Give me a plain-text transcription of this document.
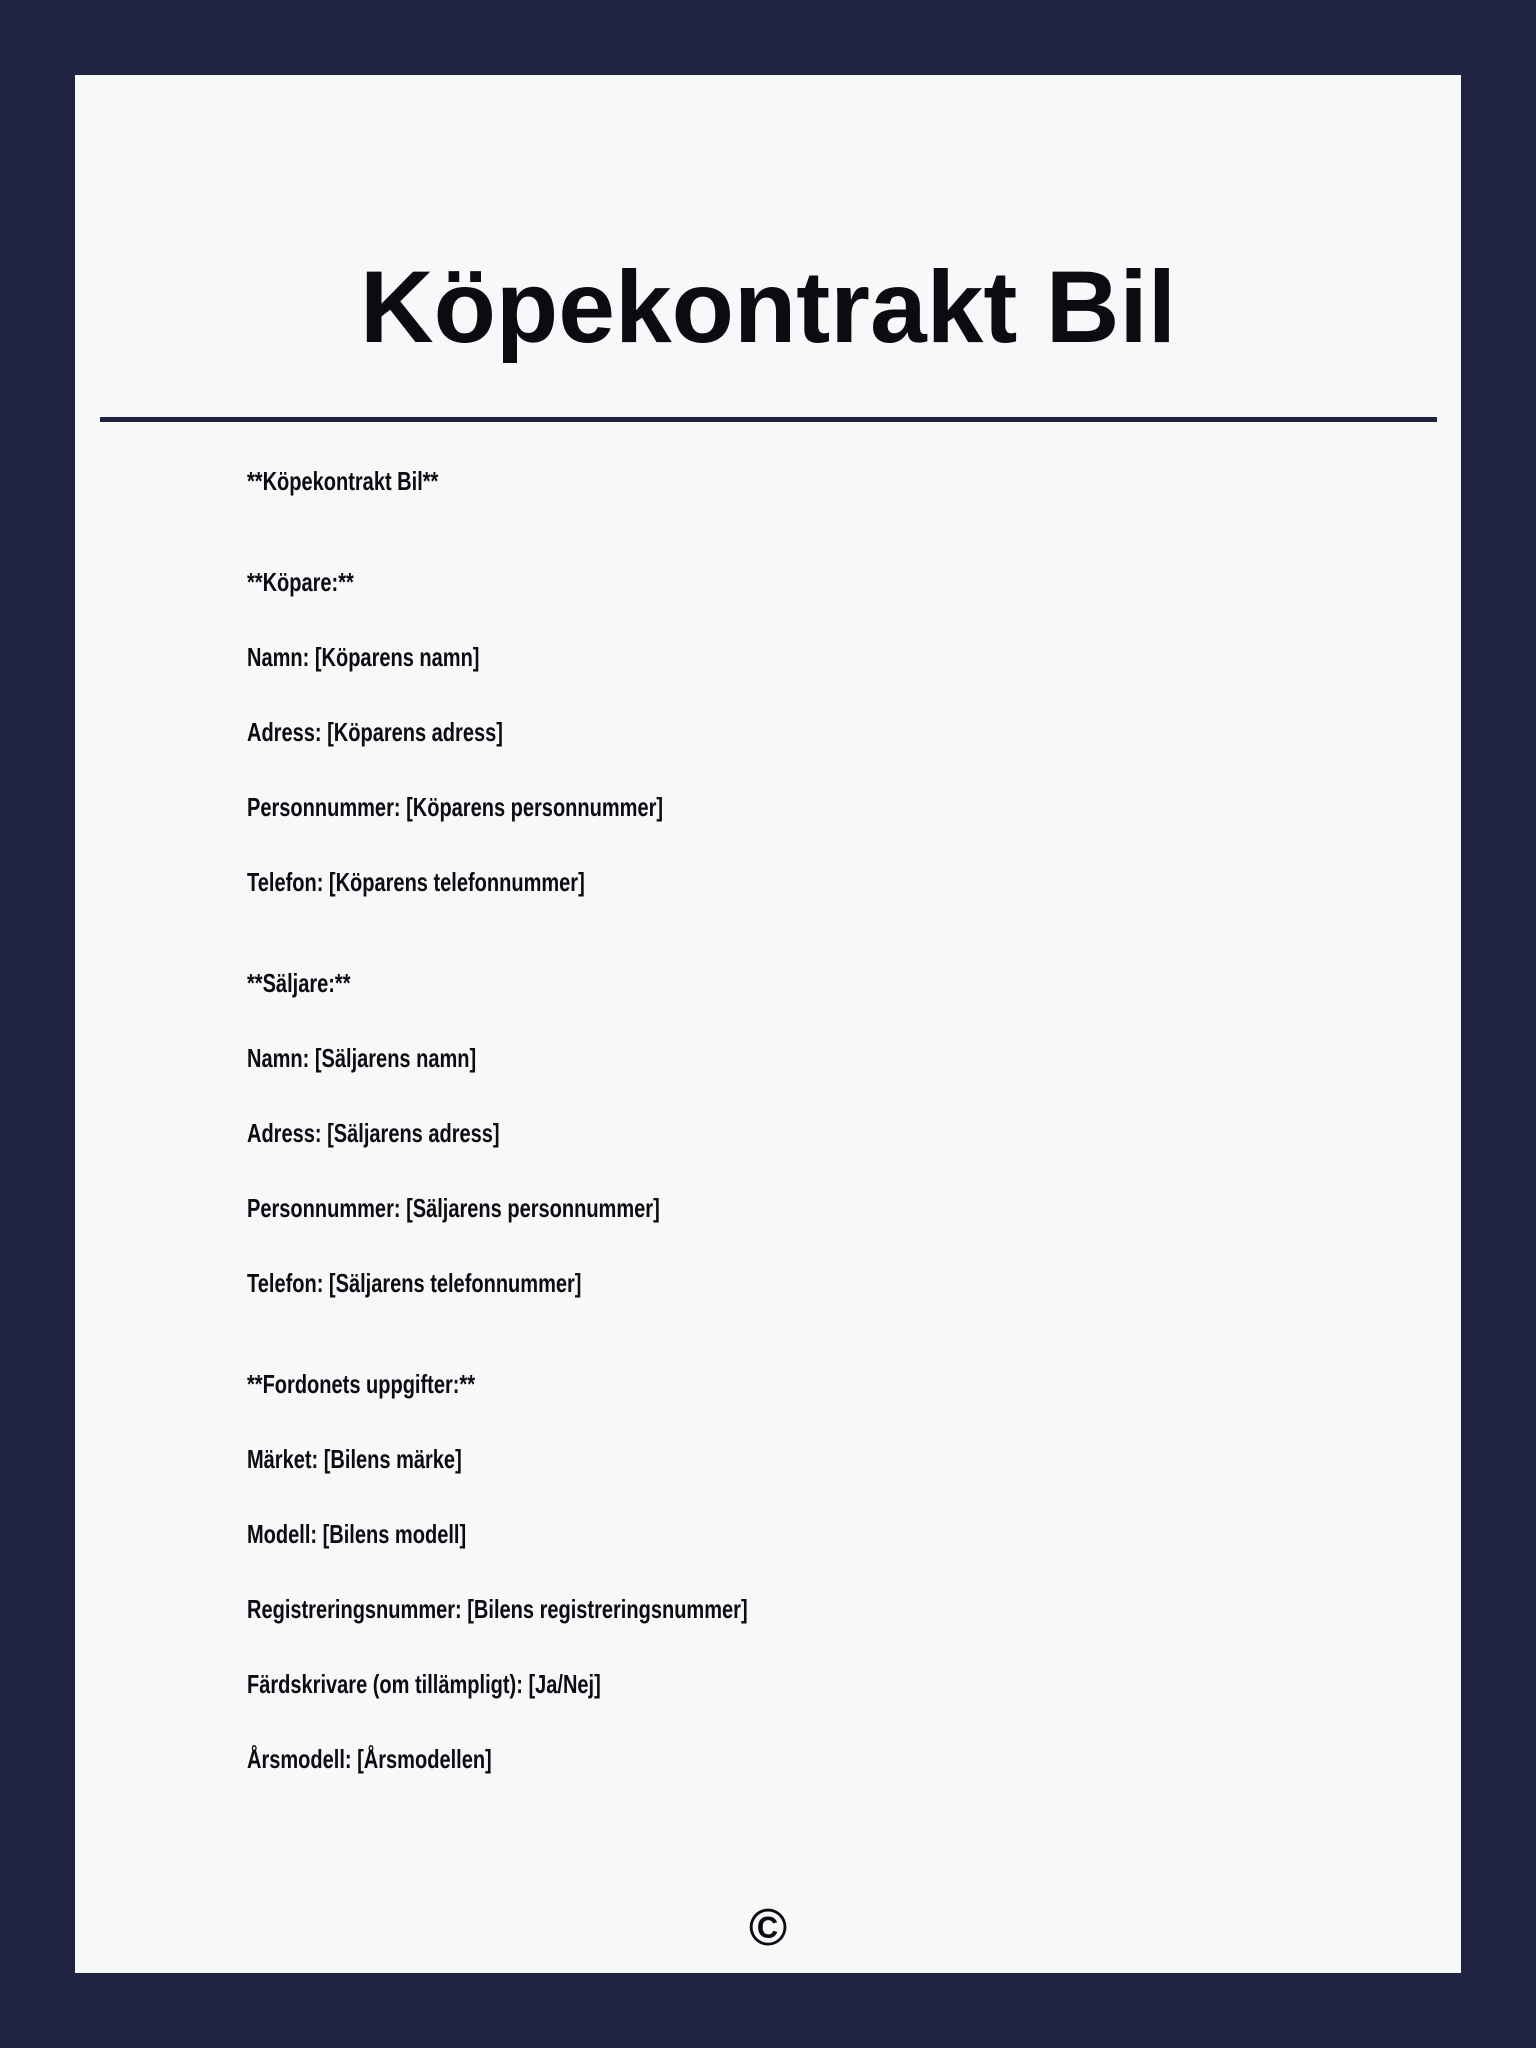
Köpekontrakt Bil
**Köpekontrakt Bil**
**Köpare:**
Namn: [Köparens namn]
Adress: [Köparens adress]
Personnummer: [Köparens personnummer]
Telefon: [Köparens telefonnummer]
**Säljare:**
Namn: [Säljarens namn]
Adress: [Säljarens adress]
Personnummer: [Säljarens personnummer]
Telefon: [Säljarens telefonnummer]
**Fordonets uppgifter:**
Märket: [Bilens märke]
Modell: [Bilens modell]
Registreringsnummer: [Bilens registreringsnummer]
Färdskrivare (om tillämpligt): [Ja/Nej]
Årsmodell: [Årsmodellen]
©
